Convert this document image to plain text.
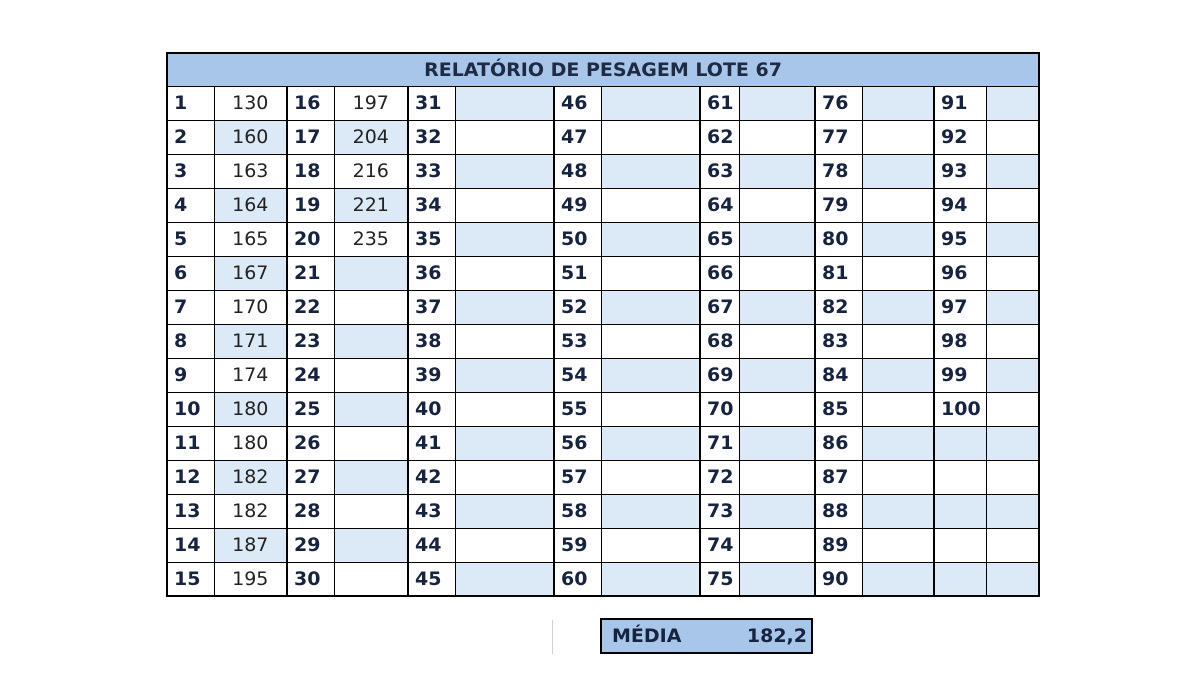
RELATÓRIO DE PESAGEM LOTE 67													
1	130	16	197	31		46		61		76		91	
2	160	17	204	32		47		62		77		92	
3	163	18	216	33		48		63		78		93	
4	164	19	221	34		49		64		79		94	
5	165	20	235	35		50		65		80		95	
6	167	21		36		51		66		81		96	
7	170	22		37		52		67		82		97	
8	171	23		38		53		68		83		98	
9	174	24		39		54		69		84		99	
10	180	25		40		55		70		85		100	
11	180	26		41		56		71		86			
12	182	27		42		57		72		87			
13	182	28		43		58		73		88			
14	187	29		44		59		74		89			
15	195	30		45		60		75		90			
MÉDIA	182,2
